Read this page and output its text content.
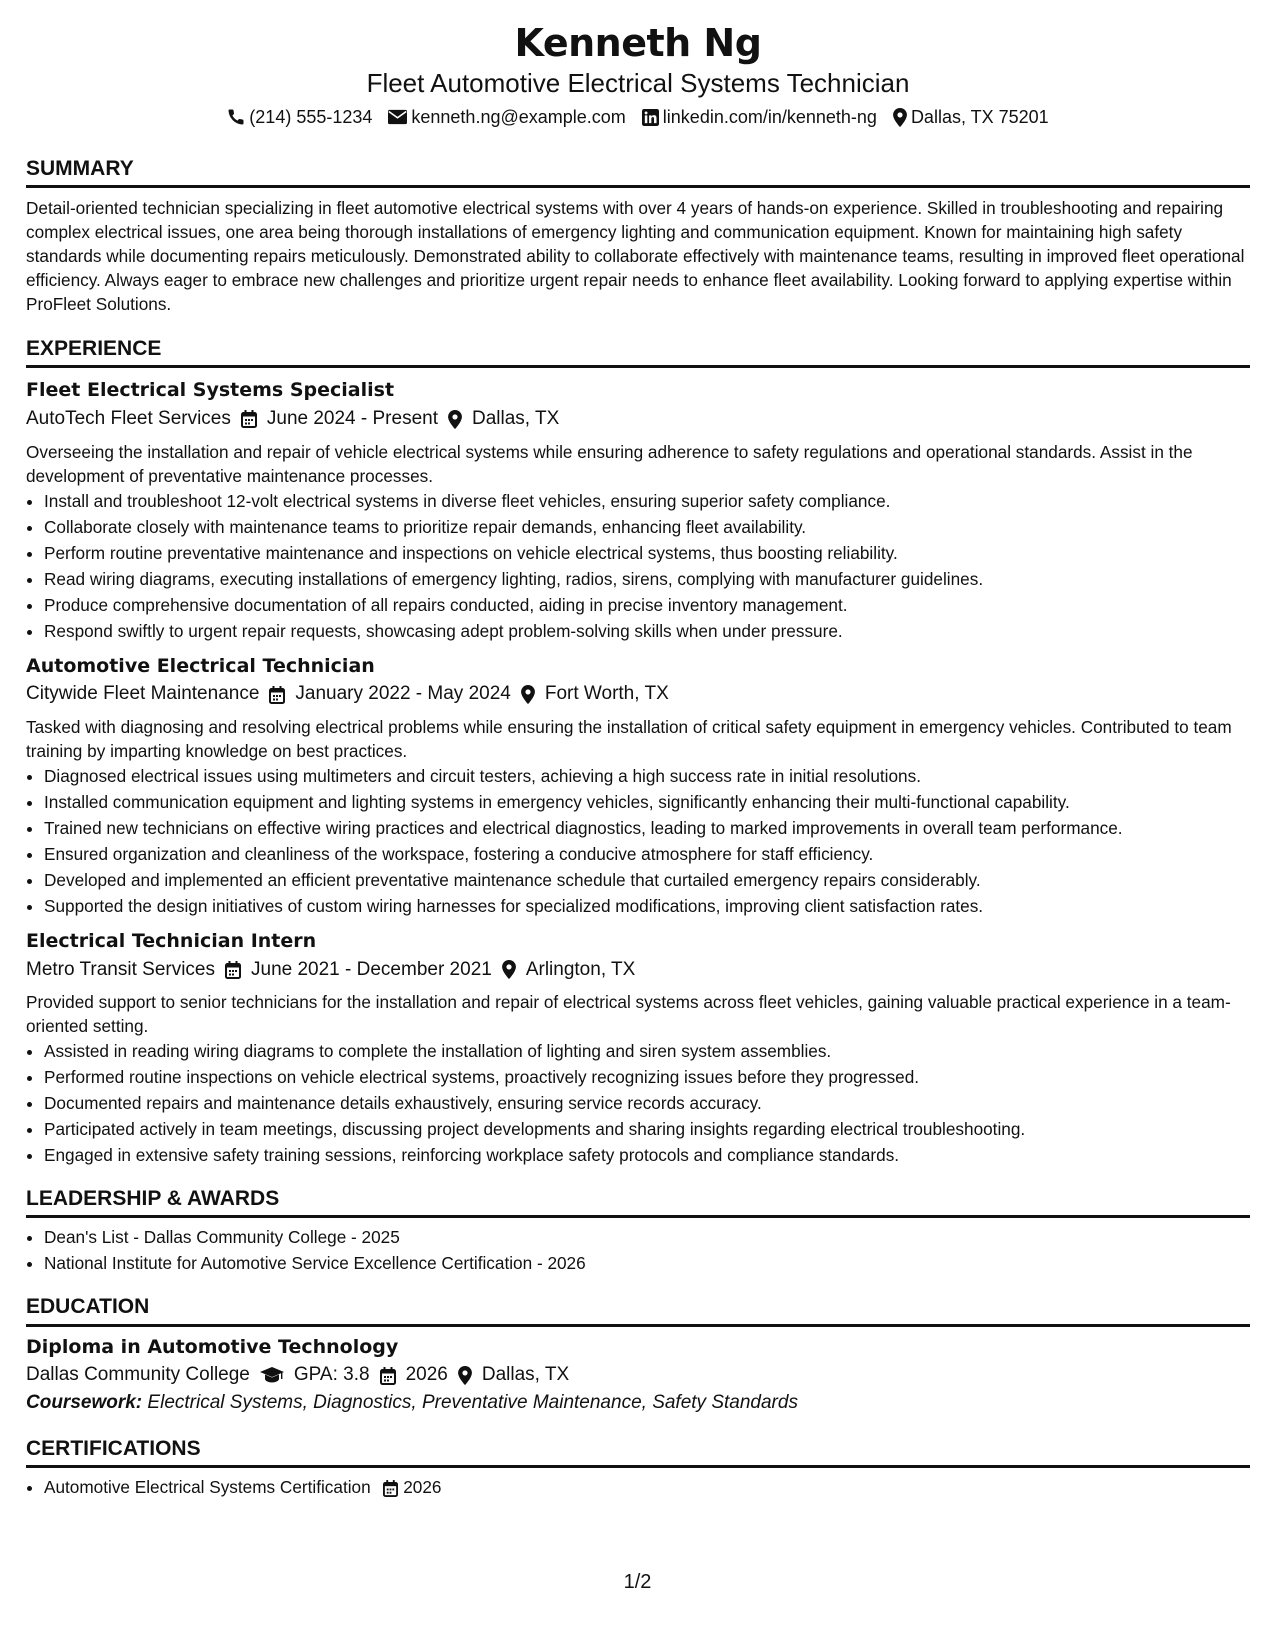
Kenneth Ng
Fleet Automotive Electrical Systems Technician
(214) 555-1234 kenneth.ng@example.com linkedin.com/in/kenneth-ng Dallas, TX 75201
SUMMARY

Detail-oriented technician specializing in fleet automotive electrical systems with over 4 years of hands-on experience. Skilled in troubleshooting and repairing complex electrical issues, one area being thorough installations of emergency lighting and communication equipment. Known for maintaining high safety standards while documenting repairs meticulously. Demonstrated ability to collaborate effectively with maintenance teams, resulting in improved fleet operational efficiency. Always eager to embrace new challenges and prioritize urgent repair needs to enhance fleet availability. Looking forward to applying expertise within ProFleet Solutions.

EXPERIENCE
Fleet Electrical Systems Specialist
AutoTech Fleet Services June 2024 - Present Dallas, TX

Overseeing the installation and repair of vehicle electrical systems while ensuring adherence to safety regulations and operational standards. Assist in the development of preventative maintenance processes.

• Install and troubleshoot 12-volt electrical systems in diverse fleet vehicles, ensuring superior safety compliance.
• Collaborate closely with maintenance teams to prioritize repair demands, enhancing fleet availability.
• Perform routine preventative maintenance and inspections on vehicle electrical systems, thus boosting reliability.
• Read wiring diagrams, executing installations of emergency lighting, radios, sirens, complying with manufacturer guidelines.
• Produce comprehensive documentation of all repairs conducted, aiding in precise inventory management.
• Respond swiftly to urgent repair requests, showcasing adept problem-solving skills when under pressure.
Automotive Electrical Technician
Citywide Fleet Maintenance January 2022 - May 2024 Fort Worth, TX

Tasked with diagnosing and resolving electrical problems while ensuring the installation of critical safety equipment in emergency vehicles. Contributed to team training by imparting knowledge on best practices.

• Diagnosed electrical issues using multimeters and circuit testers, achieving a high success rate in initial resolutions.
• Installed communication equipment and lighting systems in emergency vehicles, significantly enhancing their multi-functional capability.
• Trained new technicians on effective wiring practices and electrical diagnostics, leading to marked improvements in overall team performance.
• Ensured organization and cleanliness of the workspace, fostering a conducive atmosphere for staff efficiency.
• Developed and implemented an efficient preventative maintenance schedule that curtailed emergency repairs considerably.
• Supported the design initiatives of custom wiring harnesses for specialized modifications, improving client satisfaction rates.
Electrical Technician Intern
Metro Transit Services June 2021 - December 2021 Arlington, TX

Provided support to senior technicians for the installation and repair of electrical systems across fleet vehicles, gaining valuable practical experience in a team-oriented setting.

• Assisted in reading wiring diagrams to complete the installation of lighting and siren system assemblies.
• Performed routine inspections on vehicle electrical systems, proactively recognizing issues before they progressed.
• Documented repairs and maintenance details exhaustively, ensuring service records accuracy.
• Participated actively in team meetings, discussing project developments and sharing insights regarding electrical troubleshooting.
• Engaged in extensive safety training sessions, reinforcing workplace safety protocols and compliance standards.
LEADERSHIP & AWARDS
• Dean's List - Dallas Community College - 2025
• National Institute for Automotive Service Excellence Certification - 2026
EDUCATION
Diploma in Automotive Technology
Dallas Community College GPA: 3.8 2026 Dallas, TX
Coursework: Electrical Systems, Diagnostics, Preventative Maintenance, Safety Standards
CERTIFICATIONS
• Automotive Electrical Systems Certification 2026
1/2
